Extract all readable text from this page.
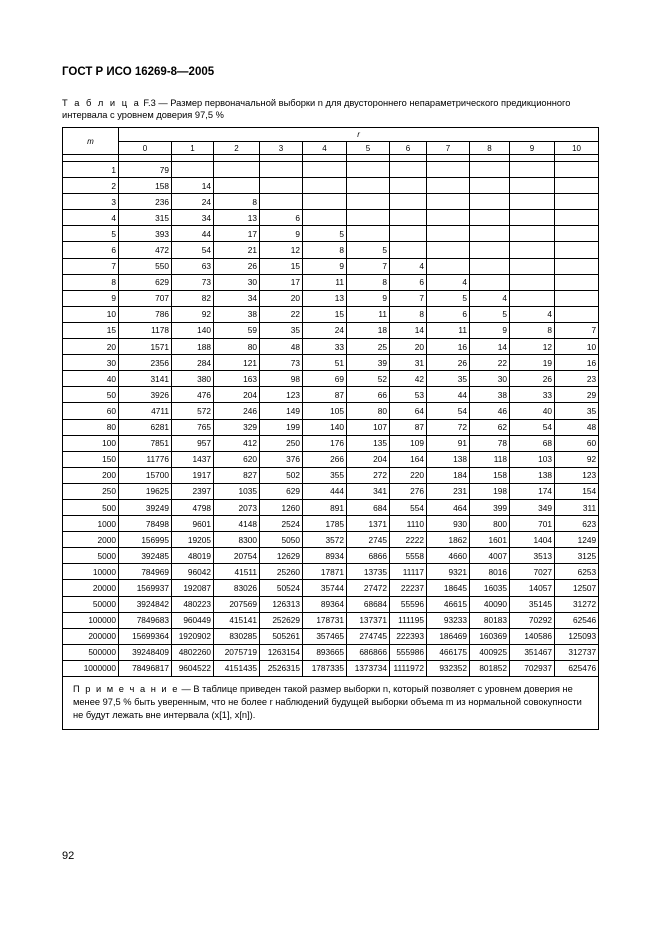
ГОСТ Р ИСО 16269-8—2005
Т а б л и ц а F.3 — Размер первоначальной выборки n для двустороннего непараметрического предикционного интервала с уровнем доверия 97,5 %
m	r										
	0	1	2	3	4	5	6	7	8	9	10

1	79										
2	158	14									
3	236	24	8								
4	315	34	13	6							
5	393	44	17	9	5						
6	472	54	21	12	8	5					
7	550	63	26	15	9	7	4				
8	629	73	30	17	11	8	6	4			
9	707	82	34	20	13	9	7	5	4		
10	786	92	38	22	15	11	8	6	5	4	
15	1178	140	59	35	24	18	14	11	9	8	7
20	1571	188	80	48	33	25	20	16	14	12	10
30	2356	284	121	73	51	39	31	26	22	19	16
40	3141	380	163	98	69	52	42	35	30	26	23
50	3926	476	204	123	87	66	53	44	38	33	29
60	4711	572	246	149	105	80	64	54	46	40	35
80	6281	765	329	199	140	107	87	72	62	54	48
100	7851	957	412	250	176	135	109	91	78	68	60
150	11776	1437	620	376	266	204	164	138	118	103	92
200	15700	1917	827	502	355	272	220	184	158	138	123
250	19625	2397	1035	629	444	341	276	231	198	174	154
500	39249	4798	2073	1260	891	684	554	464	399	349	311
1000	78498	9601	4148	2524	1785	1371	1110	930	800	701	623
2000	156995	19205	8300	5050	3572	2745	2222	1862	1601	1404	1249
5000	392485	48019	20754	12629	8934	6866	5558	4660	4007	3513	3125
10000	784969	96042	41511	25260	17871	13735	11117	9321	8016	7027	6253
20000	1569937	192087	83026	50524	35744	27472	22237	18645	16035	14057	12507
50000	3924842	480223	207569	126313	89364	68684	55596	46615	40090	35145	31272
100000	7849683	960449	415141	252629	178731	137371	111195	93233	80183	70292	62546
200000	15699364	1920902	830285	505261	357465	274745	222393	186469	160369	140586	125093
500000	39248409	4802260	2075719	1263154	893665	686866	555986	466175	400925	351467	312737
1000000	78496817	9604522	4151435	2526315	1787335	1373734	1111972	932352	801852	702937	625476
П р и м е ч а н и е — В таблице приведен такой размер выборки n, который позволяет с уровнем доверия не менее 97,5 % быть уверенным, что не более r наблюдений будущей выборки объема m из нормальной совокупности не будут лежать вне интервала (x[1], x[n]).											
92
